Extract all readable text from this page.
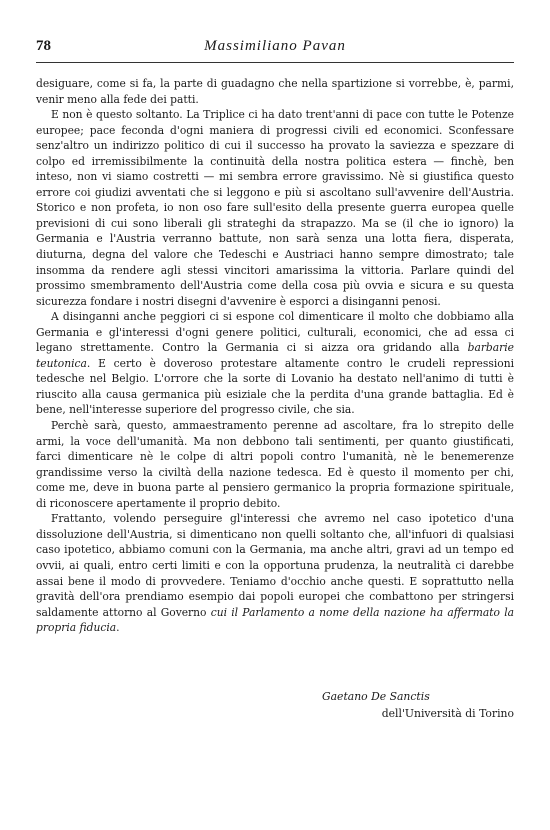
78	Massimiliano Pavan

desiguare, come si fa, la parte di guadagno che nella spartizione si vorrebbe, è, parmi, venir meno alla fede dei patti.

E non è questo soltanto. La Triplice ci ha dato trent'anni di pace con tutte le Potenze europee; pace feconda d'ogni maniera di progressi civili ed economici. Sconfessare senz'altro un indirizzo politico di cui il successo ha provato la saviezza e spezzare di colpo ed irremissibilmente la continuità della nostra politica estera — finchè, ben inteso, non vi siamo costretti — mi sembra errore gravissimo. Nè si giustifica questo errore coi giudizi avventati che si leggono e più si ascoltano sull'avvenire dell'Austria. Storico e non profeta, io non oso fare sull'esito della presente guerra europea quelle previsioni di cui sono liberali gli strateghi da strapazzo. Ma se (il che io ignoro) la Germania e l'Austria verranno battute, non sarà senza una lotta fiera, disperata, diuturna, degna del valore che Tedeschi e Austriaci hanno sempre dimostrato; tale insomma da rendere agli stessi vincitori amarissima la vittoria. Parlare quindi del prossimo smembramento dell'Austria come della cosa più ovvia e sicura e su questa sicurezza fondare i nostri disegni d'avvenire è esporci a disinganni penosi.

A disinganni anche peggiori ci si espone col dimenticare il molto che dobbiamo alla Germania e gl'interessi d'ogni genere politici, culturali, economici, che ad essa ci legano strettamente. Contro la Germania ci si aizza ora gridando alla barbarie teutonica. E certo è doveroso protestare altamente contro le crudeli repressioni tedesche nel Belgio. L'orrore che la sorte di Lovanio ha destato nell'animo di tutti è riuscito alla causa germanica più esiziale che la perdita d'una grande battaglia. Ed è bene, nell'interesse superiore del progresso civile, che sia.

Perchè sarà, questo, ammaestramento perenne ad ascoltare, fra lo strepito delle armi, la voce dell'umanità. Ma non debbono tali sentimenti, per quanto giustificati, farci dimenticare nè le colpe di altri popoli contro l'umanità, nè le benemerenze grandissime verso la civiltà della nazione tedesca. Ed è questo il momento per chi, come me, deve in buona parte al pensiero germanico la propria formazione spirituale, di riconoscere apertamente il proprio debito.

Frattanto, volendo perseguire gl'interessi che avremo nel caso ipotetico d'una dissoluzione dell'Austria, si dimenticano non quelli soltanto che, all'infuori di qualsiasi caso ipotetico, abbiamo comuni con la Germania, ma anche altri, gravi ad un tempo ed ovvii, ai quali, entro certi limiti e con la opportuna prudenza, la neutralità ci darebbe assai bene il modo di provvedere. Teniamo d'occhio anche questi. E soprattutto nella gravità dell'ora prendiamo esempio dai popoli europei che combattono per stringersi saldamente attorno al Governo cui il Parlamento a nome della nazione ha affermato la propria fiducia.

Gaetano De Sanctis
dell'Università di Torino
